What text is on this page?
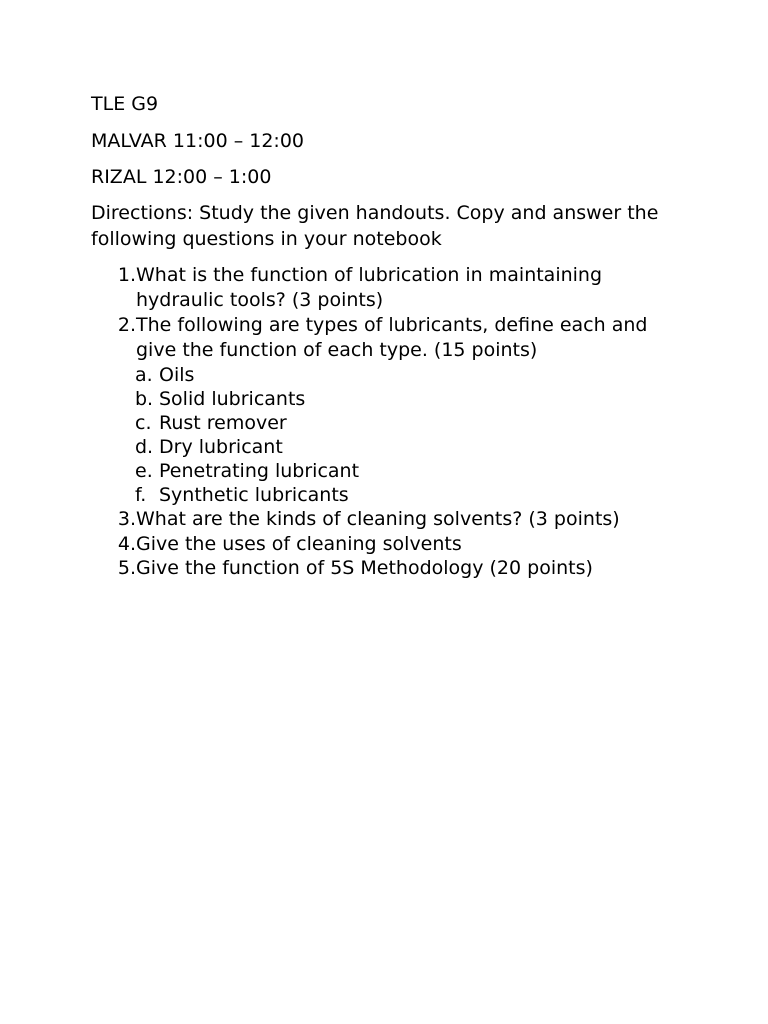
TLE G9
MALVAR 11:00 – 12:00
RIZAL 12:00 – 1:00
Directions: Study the given handouts. Copy and answer the following questions in your notebook
1. What is the function of lubrication in maintaining
hydraulic tools? (3 points)
2. The following are types of lubricants, define each and
give the function of each type. (15 points)
a. Oils
b. Solid lubricants
c. Rust remover
d. Dry lubricant
e. Penetrating lubricant
f. Synthetic lubricants
3. What are the kinds of cleaning solvents? (3 points)
4. Give the uses of cleaning solvents
5. Give the function of 5S Methodology (20 points)
